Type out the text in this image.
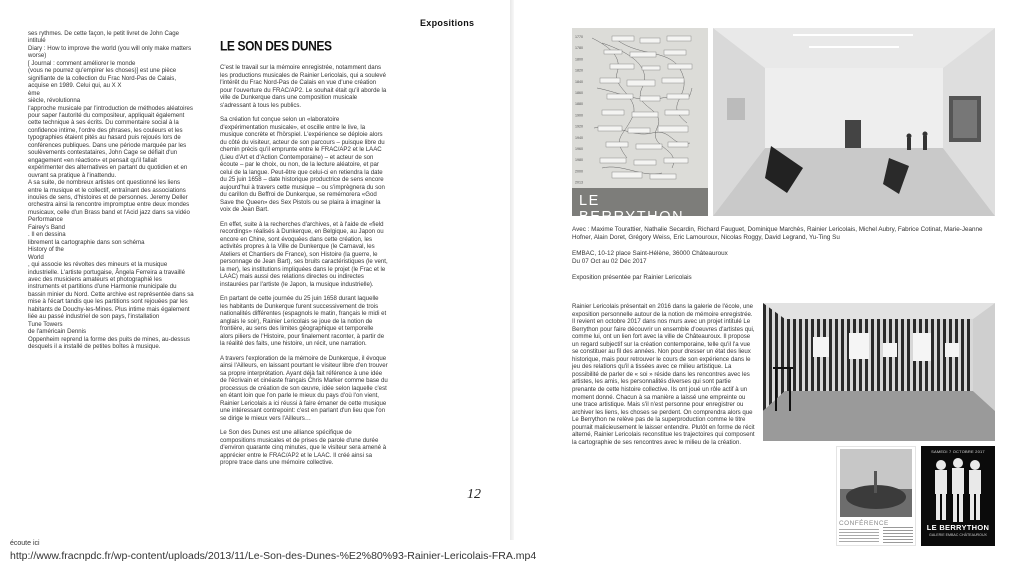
ses rythmes. De cette façon, le petit livret de John Cage intitulé
Diary : How to improve the world (you will only make matters worse)
[ Journal : comment améliorer le monde
(vous ne pourrez qu'empirer les choses)] est une pièce signifiante de la collection du Frac Nord-Pas de Calais, acquise en 1989. Celui qui, au X X
ème
siècle, révolutionna
l'approche musicale par l'introduction de méthodes aléatoires pour saper l'autorité du compositeur, appliquait également cette technique à ses écrits. Du commentaire social à la confidence intime, l'ordre des phrases, les couleurs et les typographies étaient pités au hasard puis rejoués lors de conférences publiques. Dans une période marquée par les soulèvements contestataires, John Cage se défiait d'un engagement «en réaction» et pensait qu'il fallait expérimenter des alternatives en partant du quotidien et en ouvrant sa pratique à l'inattendu.
A sa suite, de nombreux artistes ont questionné les liens entre la musique et le collectif, entraînant des associations inouïes de sens, d'histoires et de personnes. Jeremy Deller orchestra ainsi la rencontre impromptue entre deux mondes musicaux, celle d'un Brass band et l'Acid jazz dans sa vidéo Performance
Fairey's Band
. Il en dessina
librement la cartographie dans son schéma
History of the
World
, qui associe les révoltes des mineurs et la musique industrielle. L'artiste portugaise, Ângela Ferreira a travaillé avec des musiciens amateurs et photographié les instruments et partitions d'une Harmonie municipale du bassin minier du Nord. Cette archive est représentée dans sa mise à l'écart tandis que les partitions sont rejouées par les habitants de Douchy-les-Mines. Plus intime mais également liée au passé industriel de son pays, l'installation
Tune Towers
de l'américain Dennis
Oppenheim reprend la forme des puits de mines, au-dessus desquels il a installé de petites boîtes à musique.
Expositions
LE SON DES DUNES

C'est le travail sur la mémoire enregistrée, notamment dans les productions musicales de Rainier Lericolais, qui a soulevé l'intérêt du Frac Nord-Pas de Calais en vue d'une création pour l'ouverture du FRAC/AP2. Le souhait était qu'il aborde la ville de Dunkerque dans une composition musicale s'adressant à tous les publics.

Sa création fut conçue selon un «laboratoire d'expérimentation musicale», et oscille entre le live, la musique concrète et l'hörspiel. L'expérience se déploie alors du côté du visiteur, acteur de son parcours – puisque libre du chemin précis qu'il emprunte entre le FRAC/AP2 et le LAAC (Lieu d'Art et d'Action Contemporaine) – et acteur de son écoute – par le choix, ou non, de la lecture aléatoire, et par celui de la langue. Peut-être que celui-ci en retiendra la date du 25 juin 1658 – date historique productrice de sens encore aujourd'hui à travers cette musique – ou s'imprègnera du son du carillon du Beffroi de Dunkerque, se remémorera «God Save the Queen» des Sex Pistols ou se plaira à imaginer la voix de Jean Bart.

En effet, suite à la recherches d'archives, et à l'aide de «field recordings» réalisés à Dunkerque, en Belgique, au Japon ou encore en Chine, sont évoquées dans cette création, les activités propres à la Ville de Dunkerque (le Carnaval, les Ateliers et Chantiers de France), son Histoire (la guerre, le personnage de Jean Bart), ses bruits caractéristiques (le vent, la mer), les institutions impliquées dans le projet (le Frac et le LAAC) mais aussi des relations directes ou indirectes instaurées par l'artiste (le Japon, la musique industrielle).

En partant de cette journée du 25 juin 1658 durant laquelle les habitants de Dunkerque furent successivement de trois nationalités différentes (espagnols le matin, français le midi et anglais le soir), Rainier Lericolais se joue de la notion de frontière, au sens des limites géographique et temporelle alors piliers de l'Histoire, pour finalement raconter, à partir de la réalité des faits, une histoire, un récit, une narration.

A travers l'exploration de la mémoire de Dunkerque, il évoque ainsi l'Ailleurs, en laissant pourtant le visiteur libre d'en trouver sa propre interprétation. Ayant déjà fait référence à une idée de l'écrivain et cinéaste français Chris Marker comme base du processus de création de son œuvre, idée selon laquelle c'est en étant loin que l'on parle le mieux du pays d'où l'on vient, Rainier Lericolais a ici réussi à faire émaner de cette musique une intéressant contrepoint: c'est en parlant d'un lieu que l'on se dirige le mieux vers l'Ailleurs…

Le Son des Dunes est une alliance spécifique de compositions musicales et de prises de parole d'une durée d'environ quarante cinq minutes, que le visiteur sera amené à apprécier entre le FRAC/AP2 et le LAAC. Il créé ainsi sa propre trace dans une mémoire collective.

12
1770
1780
1800
1820
1840
1860
1880
1900
1920
1940
1960
1980
2000
2013
LE BERRYTHON

Avec : Maxime Tourattier, Nathalie Secardin, Richard Fauguet, Dominique Marchès, Rainier Lericolais, Michel Aubry, Fabrice Cotinat, Marie-Jeanne Hofner, Alain Doret, Grégory Weiss, Eric Lamouroux, Nicolas Roggy, David Legrand, Yu-Ting Su

EMBAC, 10-12 place Saint-Hélène, 36000 Châteauroux
Du 07 Oct au 02 Déc 2017

Exposition présentée par Rainier Lericolais

Rainier Lericolais présentait en 2016 dans la galerie de l'école, une exposition personnelle autour de la notion de mémoire enregistrée. Il revient en octobre 2017 dans nos murs avec un projet intitulé Le Berrython pour faire découvrir un ensemble d'oeuvres d'artistes qui, comme lui, ont un lien fort avec la ville de Châteauroux. Il propose un regard subjectif sur la création contemporaine, telle qu'il l'a vue se constituer au fil des années. Non pour dresser un état des lieux historique, mais pour retrouver le cours de son expérience dans le jeu des relations qu'il a tissées avec ce milieu artistique. La possibilité de parler de « soi » réside dans les rencontres avec les artistes, les amis, les personnalités diverses qui sont partie prenante de cette histoire collective. Ils ont joué un rôle actif à un moment donné. Chacun à sa manière a laissé une empreinte ou une trace artistique. Mais s'il n'est personne pour enregistrer ou archiver les liens, les choses se perdent. On comprendra alors que Le Berrython ne relève pas de la superproduction comme le titre pourrait malicieusement le laisser entendre. Plutôt en forme de récit alterné, Rainier Lericolais reconstitue les trajectoires qui composent la cartographie de ses rencontres avec le milieu de la création.
CONFÉRENCE
SAMEDI 7 OCTOBRE 2017
LE BERRYTHON
GALERIE EMBAC CHÂTEAUROUX
écoute ici
http://www.fracnpdc.fr/wp-content/uploads/2013/11/Le-Son-des-Dunes-%E2%80%93-Rainier-Lericolais-FRA.mp4
